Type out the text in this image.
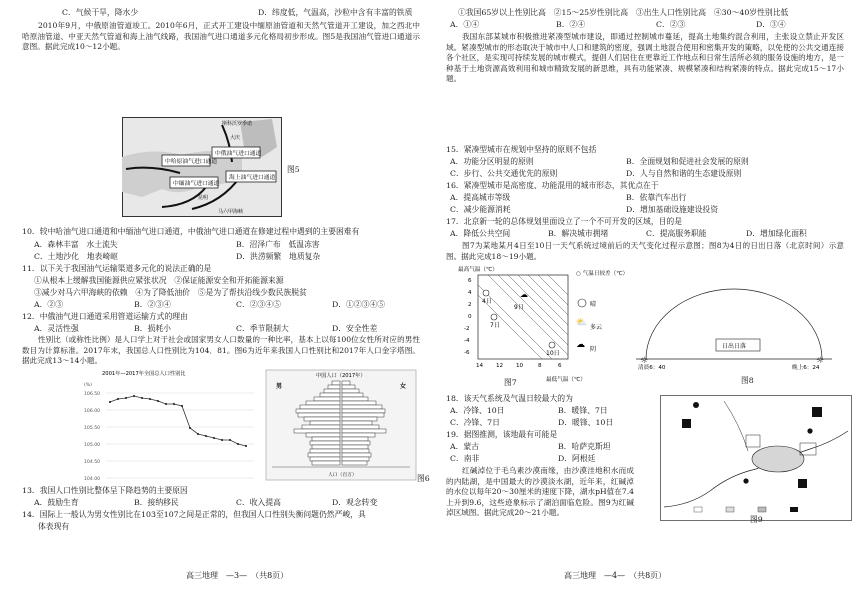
C．气候干旱，降水少	D．纬度低，气温高，沙粒中含有丰富的铁质
2010年9月，中俄原油管道竣工。2010年6月，正式开工建设中缅原油管道和天然气管道开工建设，加之西北中哈原油管道、中亚天然气管道和海上油气线路，我国油气进口通道多元化格局初步形成。图5是我国油气管进口通道示意图。据此完成10～12小题。
中哈原油气进口通道
中俄油气进口通道
中缅油气进口通道
海上油气进口通道
斯科沃罗季诺
大庆
昆明
马六甲海峡
图5
10．较中哈油气进口通道和中缅油气进口通道，中俄油气进口通道在修建过程中遇到的主要困难有
A．森林丰富　水土流失	B．沼泽广布　低温冻害
C．土地沙化　地表崎岖	D．洪涝频繁　地质复杂
11．以下关于我国油气运输渠道多元化的说法正确的是
①从根本上缓解我国能源供应紧张状况　②保证能源安全和开拓能源来源
③减少对马六甲海峡的依赖　④为了降低油价　⑤是为了帮扶沿线少数民族脱贫
A．②③	B．②③④	C．②③④⑤	D．①②③④⑤
12．中俄油气进口通道采用管道运输方式的理由
A．灵活性强	B．损耗小	C．季节限制大	D．安全性差
性别比（或称性比例）是人口学上对于社会或国家男女人口数量的一种比率，基本上以每100位女性所对应的男性数目为计算标准。2017年末，我国总人口性别比为104．81。图6为近年来我国人口性别比和2017年人口金字塔图。据此完成13～14小题。
2001年—2017年全国总人口性别比
(%)
106.50
106.00
105.50
105.00
104.50
104.00
中国人口（2017年）
男	女
人口（百万）	图6
13．我国人口性别比整体呈下降趋势的主要原因
A．鼓励生育	B．接纳移民	C．收入提高	D．观念转变
14．国际上一般认为男女性别比在103至107之间是正常的，但我国人口性别失衡问题仍然严峻，具
体表现有
高三地理　—3—　（共8页）
①我国65岁以上性别比高　②15～25岁性别比高　③出生人口性别比高　④30～40岁性别比低
A．①④	B．②④	C．②③	D．③④
我国东部某城市积极推进紧凑型城市建设，即通过控制城市蔓延，提高土地集约混合利用，主张设立禁止开发区域。紧凑型城市的形态取决于城市中人口和建筑的密度，强调土地混合使用和密集开发的策略，以免使的公共交通连接各个社区，是实现可持续发展的城市模式，提倡人们居住在更靠近工作地点和日常生活所必须的服务设施的地方，是一种基于土地资源高效利用和城市精致发展的新思维，具有功能紧凑、规模紧凑和结构紧凑的特点。据此完成15～17小题。
15．紧凑型城市在规划中坚持的原则不包括
A．功能分区明显的原则	B．全面规划和促进社会发展的原则
C．步行、公共交通优先的原则	D．人与自然和谐的生态建设原则
16．紧凑型城市是高密度、功能混用的城市形态，其优点在于
A．提高城市等级	B．依靠汽车出行
C．减少能源消耗	D．增加基础设施建设投资
17．北京新一轮的总体规划里面设立了一个不可开发的区域，目的是
A．降低公共空间	B．解决城市拥堵	C．提高服务职能	D．增加绿化面积
图7为某地某月4日至10日一天气系统过境前后的天气变化过程示意图；图8为4日的日出日落（北京时间）示意图。据此完成18～19小题。
最高气温（℃）
最低气温（℃）
6
4
2
0
-2
-4
-6
14 12 10	8	6
4日
9日
7日
10日
☁
○ 气温日较差（℃）
晴
⛅ 多云
☁ 阴
图7
日出日落
清晨6：40	晚上6：24
☼	☼
图8
18．该天气系统及气温日较最大的为
A．冷锋、10日	B．暖锋、7日
C．冷锋、7日	D．暖锋、10日
19．据图推测，该地最有可能是
A．蒙古	B．哈萨克斯坦
C．南非	D．阿根廷
红碱淖位于毛乌素沙漠南缘，由沙漠洼地积水而成的内陆湖，是中国最大的沙漠淡水湖，近年来，红碱淖的水位以每年20～30厘米的速度下降，湖水pH值在7.4上升到9.6，这些迹象标示了湖泊面临危险。图9为红碱淖区域图。据此完成20～21小题。
图9
高三地理　—4—　（共8页）
